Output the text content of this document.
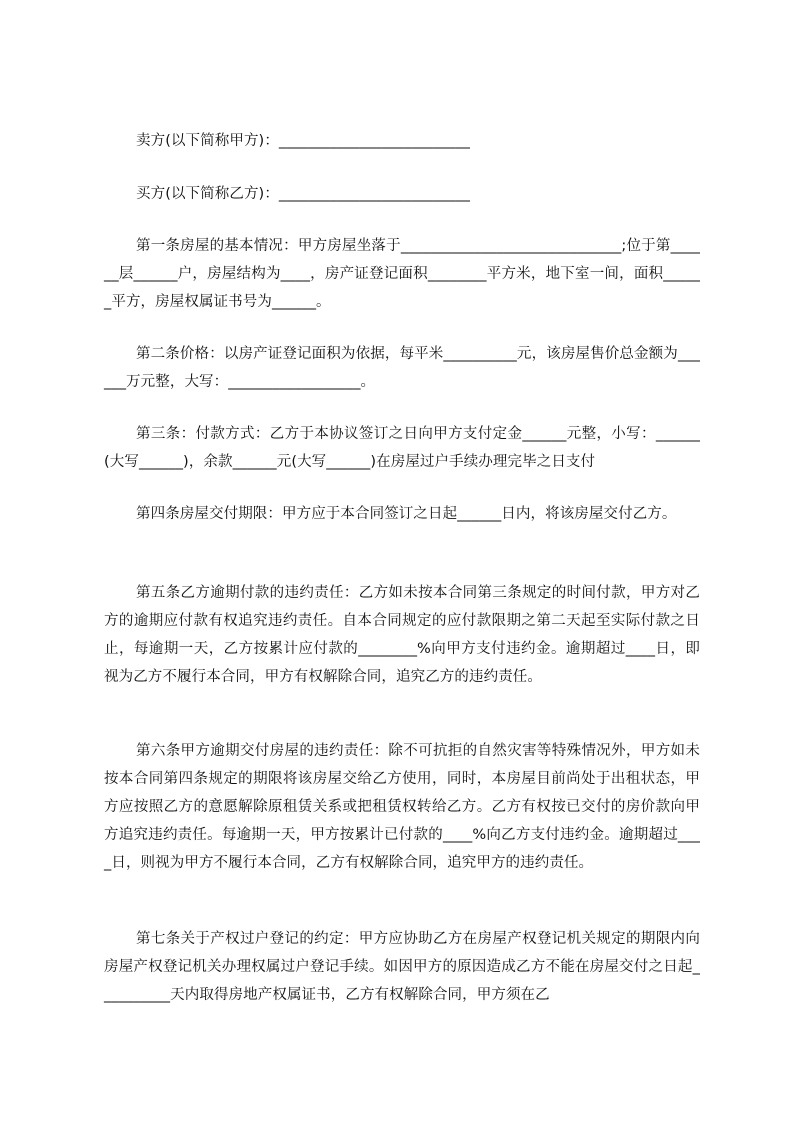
卖方(以下简称甲方)：__________________________

买方(以下简称乙方)：__________________________

第一条房屋的基本情况：甲方房屋坐落于______________________________;位于第______层______户，房屋结构为____，房产证登记面积________平方米，地下室一间，面积______平方，房屋权属证书号为______。

第二条价格：以房产证登记面积为依据，每平米__________元，该房屋售价总金额为______万元整，大写：__________________。

第三条：付款方式：乙方于本协议签订之日向甲方支付定金______元整，小写：______(大写______)，余款______元(大写______)在房屋过户手续办理完毕之日支付

第四条房屋交付期限：甲方应于本合同签订之日起______日内，将该房屋交付乙方。

第五条乙方逾期付款的违约责任：乙方如未按本合同第三条规定的时间付款，甲方对乙方的逾期应付款有权追究违约责任。自本合同规定的应付款限期之第二天起至实际付款之日止，每逾期一天，乙方按累计应付款的________%向甲方支付违约金。逾期超过____日，即视为乙方不履行本合同，甲方有权解除合同，追究乙方的违约责任。

第六条甲方逾期交付房屋的违约责任：除不可抗拒的自然灾害等特殊情况外，甲方如未按本合同第四条规定的期限将该房屋交给乙方使用，同时，本房屋目前尚处于出租状态，甲方应按照乙方的意愿解除原租赁关系或把租赁权转给乙方。乙方有权按已交付的房价款向甲方追究违约责任。每逾期一天，甲方按累计已付款的____%向乙方支付违约金。逾期超过____日，则视为甲方不履行本合同，乙方有权解除合同，追究甲方的违约责任。

第七条关于产权过户登记的约定：甲方应协助乙方在房屋产权登记机关规定的期限内向房屋产权登记机关办理权属过户登记手续。如因甲方的原因造成乙方不能在房屋交付之日起__________天内取得房地产权属证书，乙方有权解除合同，甲方须在乙
